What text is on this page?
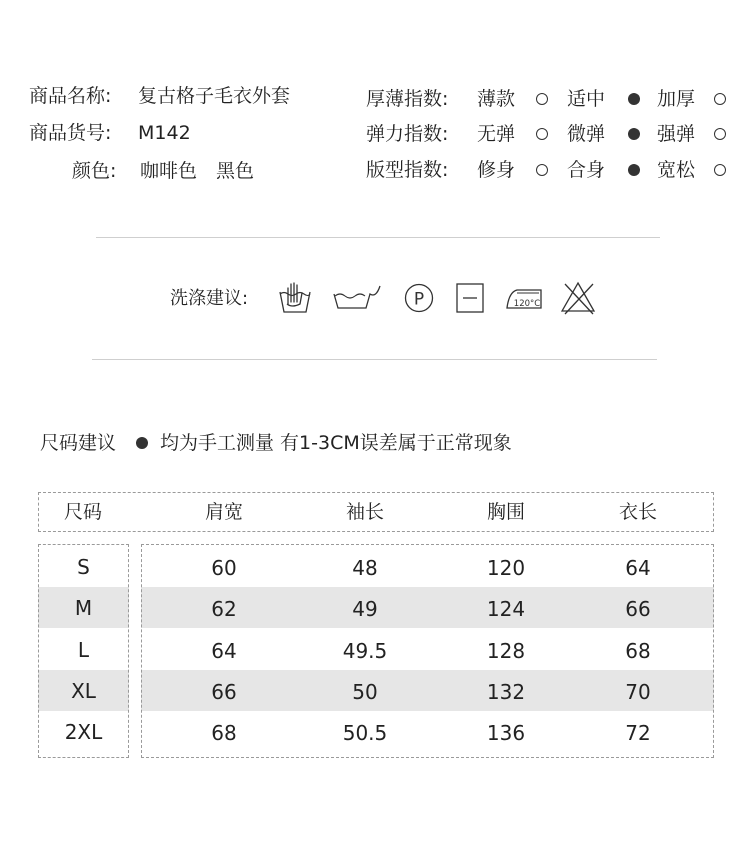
商品名称: 复古格子毛衣外套
商品货号: M142
颜色: 咖啡色 黑色
厚薄指数: 薄款	适中	加厚
弹力指数: 无弹	微弹	强弹
版型指数: 修身	合身	宽松
洗涤建议:	P	120°C
尺码建议 均为手工测量 有1-3CM误差属于正常现象
尺码	肩宽	袖长	胸围	衣长
S	60	48	120	64
M	62	49	124	66
L	64	49.5	128	68
XL	66	50	132	70
2XL	68	50.5	136	72
